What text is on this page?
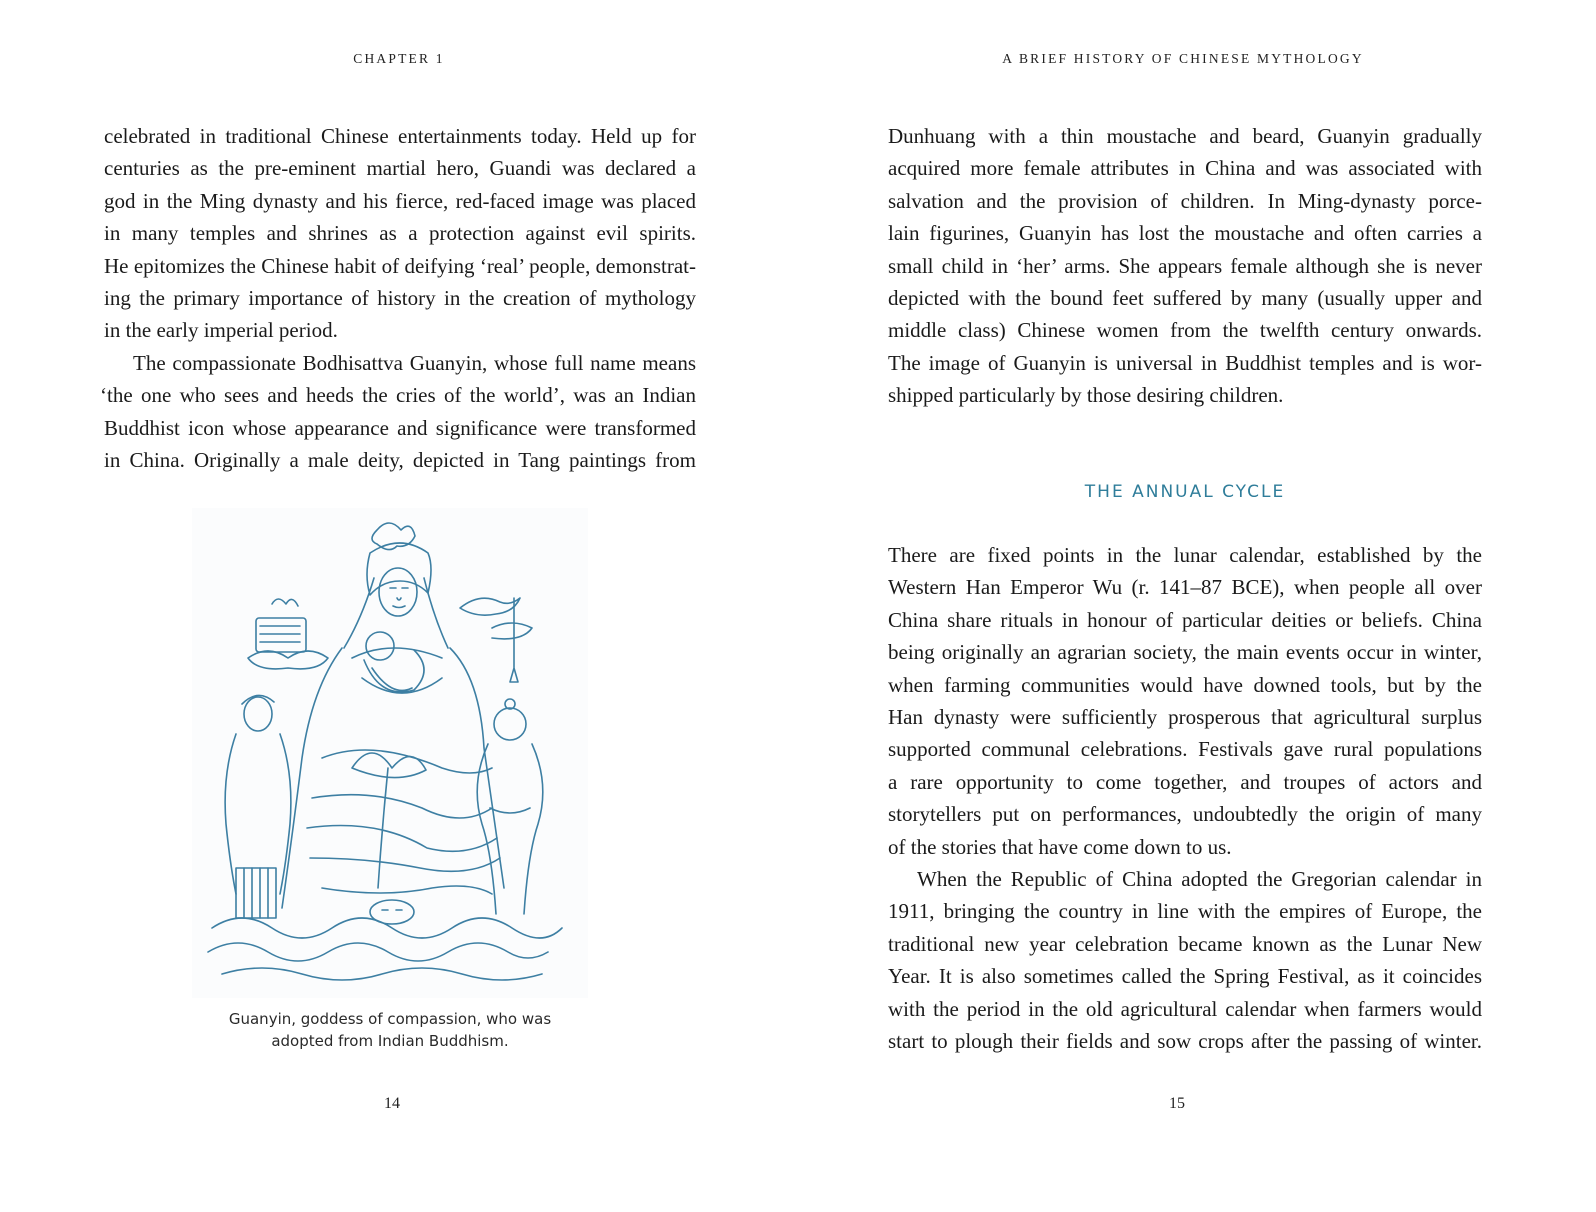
CHAPTER 1
celebrated in traditional Chinese entertainments today. Held up for
centuries as the pre-eminent martial hero, Guandi was declared a
god in the Ming dynasty and his fierce, red-faced image was placed
in many temples and shrines as a protection against evil spirits.
He epitomizes the Chinese habit of deifying ‘real’ people, demonstrat-
ing the primary importance of history in the creation of mythology
in the early imperial period.
The compassionate Bodhisattva Guanyin, whose full name means
‘the one who sees and heeds the cries of the world’, was an Indian
Buddhist icon whose appearance and significance were transformed
in China. Originally a male deity, depicted in Tang paintings from
Guanyin, goddess of compassion, who was
adopted from Indian Buddhism.
14
A BRIEF HISTORY OF CHINESE MYTHOLOGY
Dunhuang with a thin moustache and beard, Guanyin gradually
acquired more female attributes in China and was associated with
salvation and the provision of children. In Ming-dynasty porce-
lain figurines, Guanyin has lost the moustache and often carries a
small child in ‘her’ arms. She appears female although she is never
depicted with the bound feet suffered by many (usually upper and
middle class) Chinese women from the twelfth century onwards.
The image of Guanyin is universal in Buddhist temples and is wor-
shipped particularly by those desiring children.
THE ANNUAL CYCLE
There are fixed points in the lunar calendar, established by the
Western Han Emperor Wu (r. 141–87 BCE), when people all over
China share rituals in honour of particular deities or beliefs. China
being originally an agrarian society, the main events occur in winter,
when farming communities would have downed tools, but by the
Han dynasty were sufficiently prosperous that agricultural surplus
supported communal celebrations. Festivals gave rural populations
a rare opportunity to come together, and troupes of actors and
storytellers put on performances, undoubtedly the origin of many
of the stories that have come down to us.
When the Republic of China adopted the Gregorian calendar in
1911, bringing the country in line with the empires of Europe, the
traditional new year celebration became known as the Lunar New
Year. It is also sometimes called the Spring Festival, as it coincides
with the period in the old agricultural calendar when farmers would
start to plough their fields and sow crops after the passing of winter.
15
